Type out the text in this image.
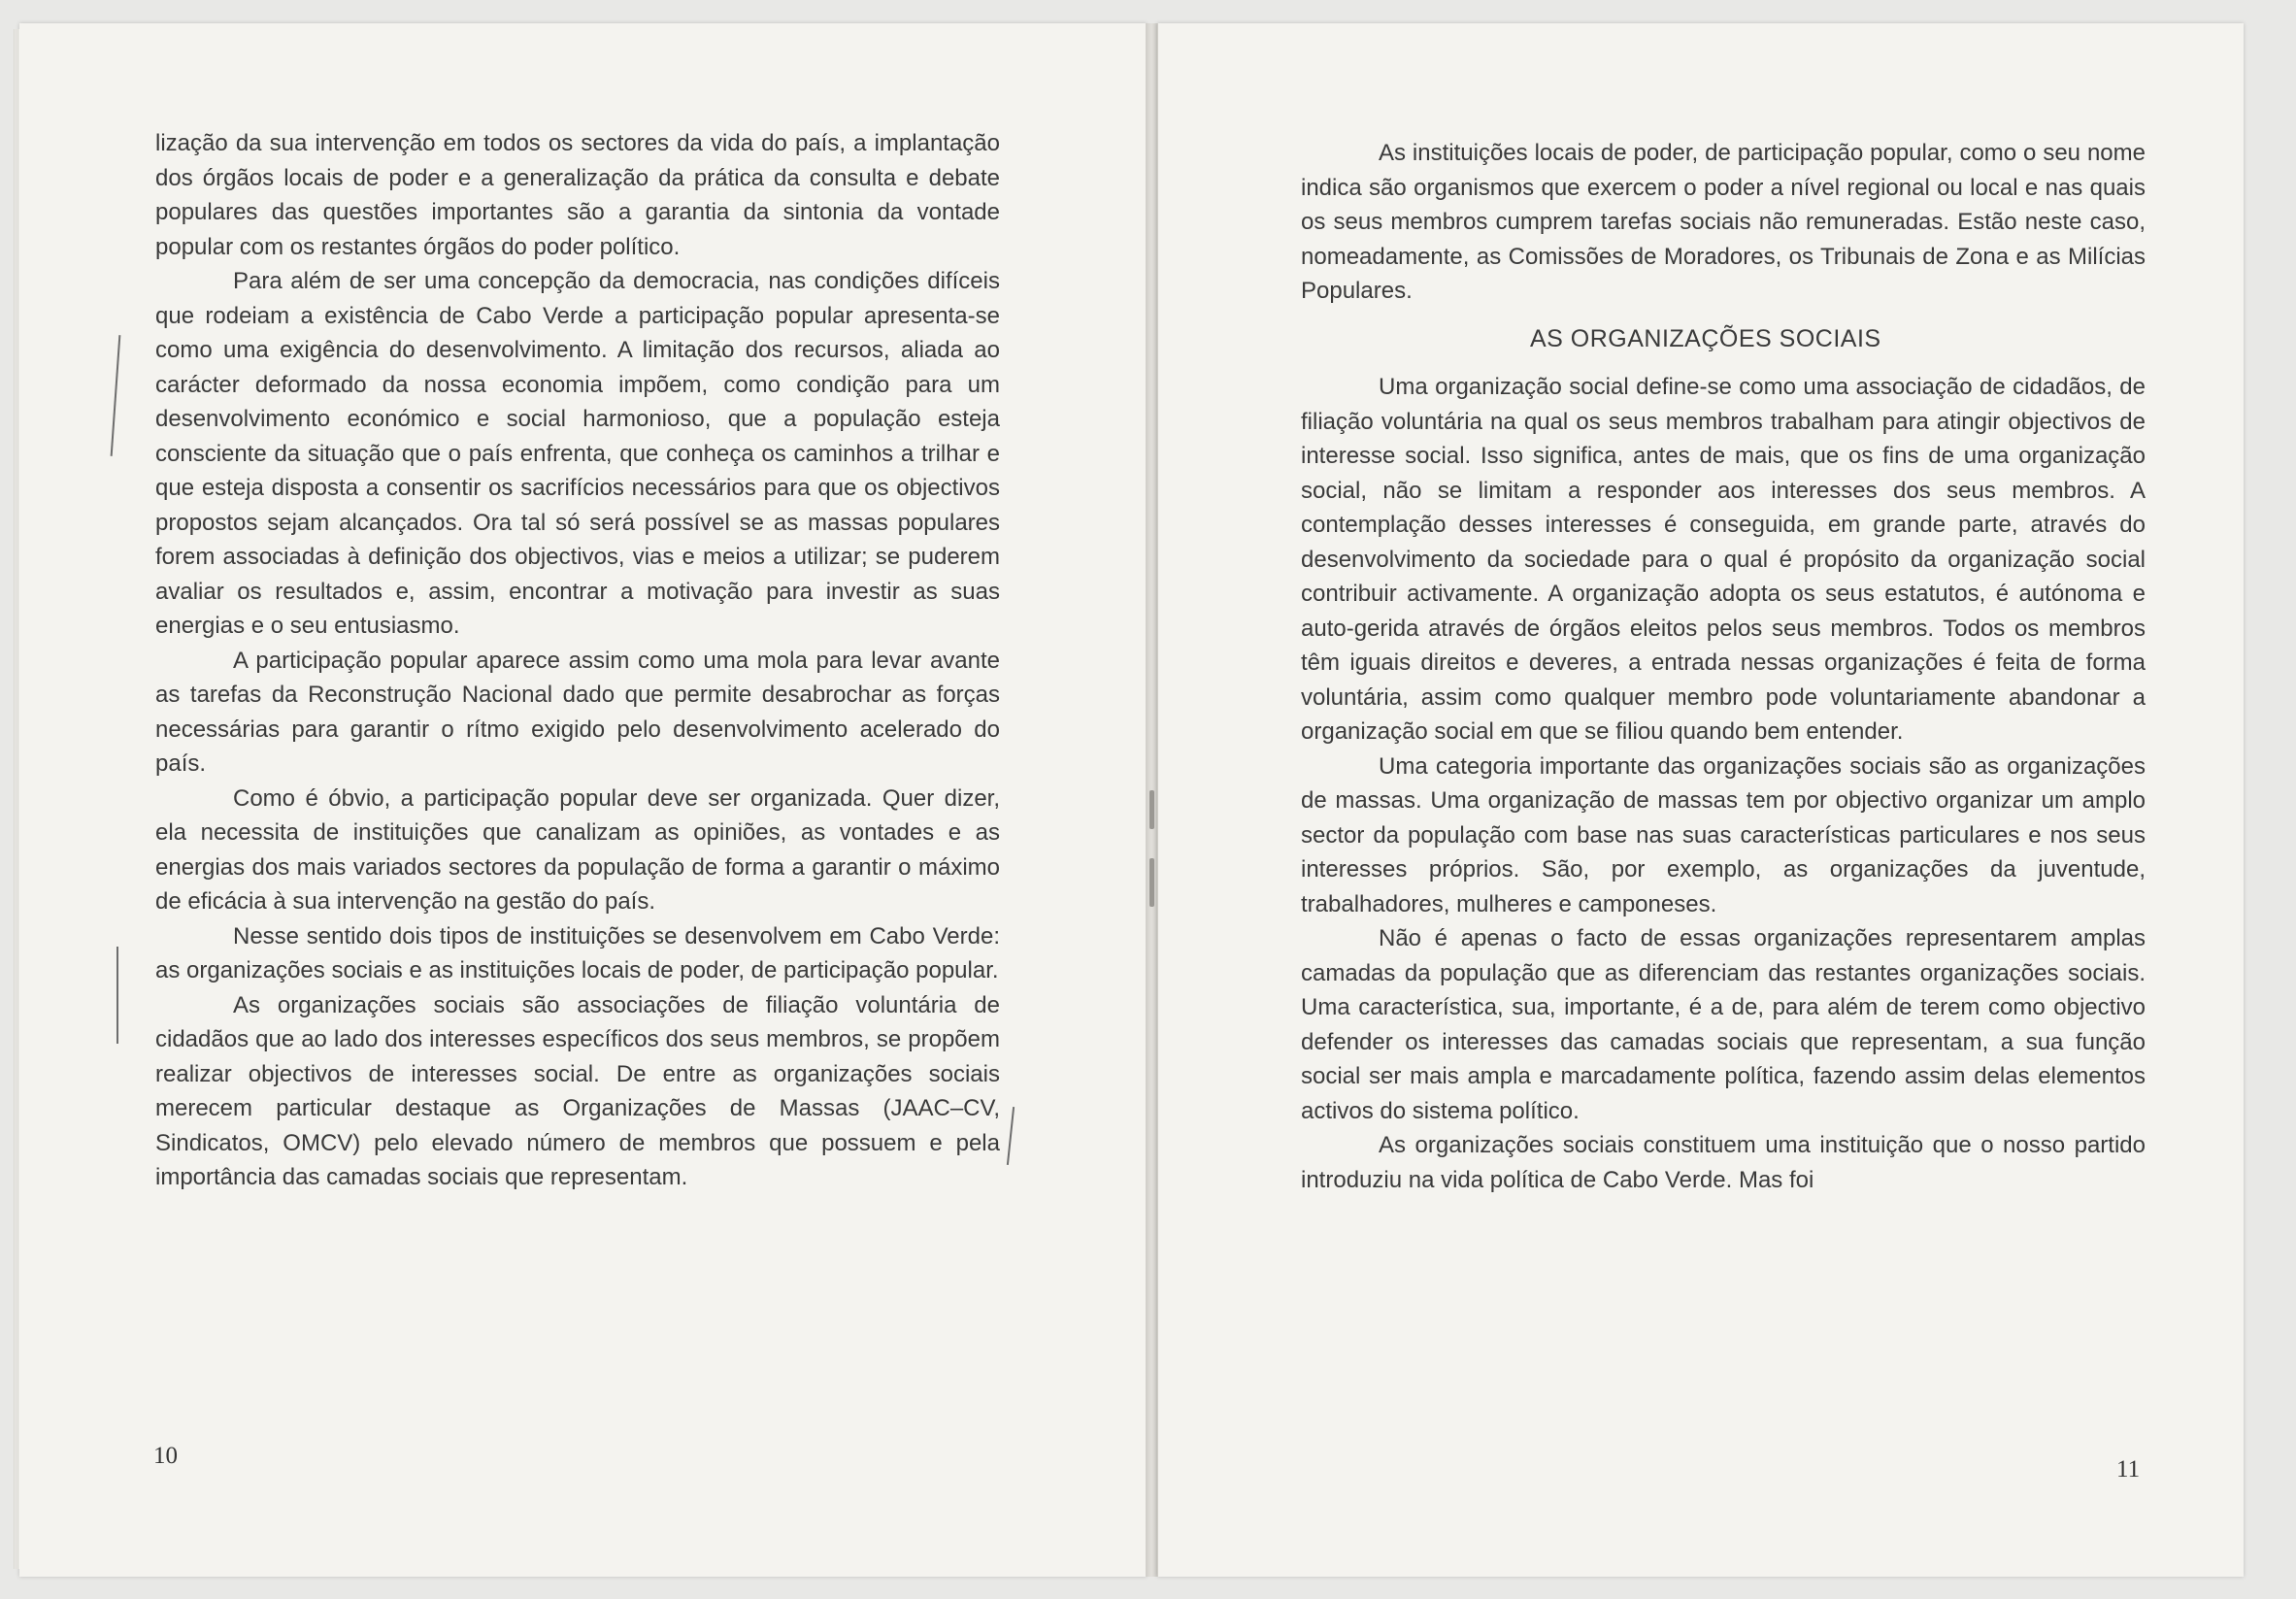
lização da sua intervenção em todos os sectores da vida do país, a implantação dos órgãos locais de poder e a generalização da prática da consulta e debate populares das questões importantes são a garantia da sintonia da vontade popular com os restantes órgãos do poder político.

Para além de ser uma concepção da democracia, nas condições difíceis que rodeiam a existência de Cabo Verde a participação popular apresenta-se como uma exigência do desenvolvimento. A limitação dos recursos, aliada ao carácter deformado da nossa economia impõem, como condição para um desenvolvimento económico e social harmonioso, que a população esteja consciente da situação que o país enfrenta, que conheça os caminhos a trilhar e que esteja disposta a consentir os sacrifícios necessários para que os objectivos propostos sejam alcançados. Ora tal só será possível se as massas populares forem associadas à definição dos objectivos, vias e meios a utilizar; se puderem avaliar os resultados e, assim, encontrar a motivação para investir as suas energias e o seu entusiasmo.

A participação popular aparece assim como uma mola para levar avante as tarefas da Reconstrução Nacional dado que permite desabrochar as forças necessárias para garantir o rítmo exigido pelo desenvolvimento acelerado do país.

Como é óbvio, a participação popular deve ser organizada. Quer dizer, ela necessita de instituições que canalizam as opiniões, as vontades e as energias dos mais variados sectores da população de forma a garantir o máximo de eficácia à sua intervenção na gestão do país.

Nesse sentido dois tipos de instituições se desenvolvem em Cabo Verde: as organizações sociais e as instituições locais de poder, de participação popular.

As organizações sociais são associações de filiação voluntária de cidadãos que ao lado dos interesses específicos dos seus membros, se propõem realizar objectivos de interesses social. De entre as organizações sociais merecem particular destaque as Organizações de Massas (JAAC–CV, Sindicatos, OMCV) pelo elevado número de membros que possuem e pela importância das camadas sociais que representam.

10

As instituições locais de poder, de participação popular, como o seu nome indica são organismos que exercem o poder a nível regional ou local e nas quais os seus membros cumprem tarefas sociais não remuneradas. Estão neste caso, nomeadamente, as Comissões de Moradores, os Tribunais de Zona e as Milícias Populares.

AS ORGANIZAÇÕES SOCIAIS

Uma organização social define-se como uma associação de cidadãos, de filiação voluntária na qual os seus membros trabalham para atingir objectivos de interesse social. Isso significa, antes de mais, que os fins de uma organização social, não se limitam a responder aos interesses dos seus membros. A contemplação desses interesses é conseguida, em grande parte, através do desenvolvimento da sociedade para o qual é propósito da organização social contribuir activamente. A organização adopta os seus estatutos, é autónoma e auto-gerida através de órgãos eleitos pelos seus membros. Todos os membros têm iguais direitos e deveres, a entrada nessas organizações é feita de forma voluntária, assim como qualquer membro pode voluntariamente abandonar a organização social em que se filiou quando bem entender.

Uma categoria importante das organizações sociais são as organizações de massas. Uma organização de massas tem por objectivo organizar um amplo sector da população com base nas suas características particulares e nos seus interesses próprios. São, por exemplo, as organizações da juventude, trabalhadores, mulheres e camponeses.

Não é apenas o facto de essas organizações representarem amplas camadas da população que as diferenciam das restantes organizações sociais. Uma característica, sua, importante, é a de, para além de terem como objectivo defender os interesses das camadas sociais que representam, a sua função social ser mais ampla e marcadamente política, fazendo assim delas elementos activos do sistema político.

As organizações sociais constituem uma instituição que o nosso partido introduziu na vida política de Cabo Verde. Mas foi

11
